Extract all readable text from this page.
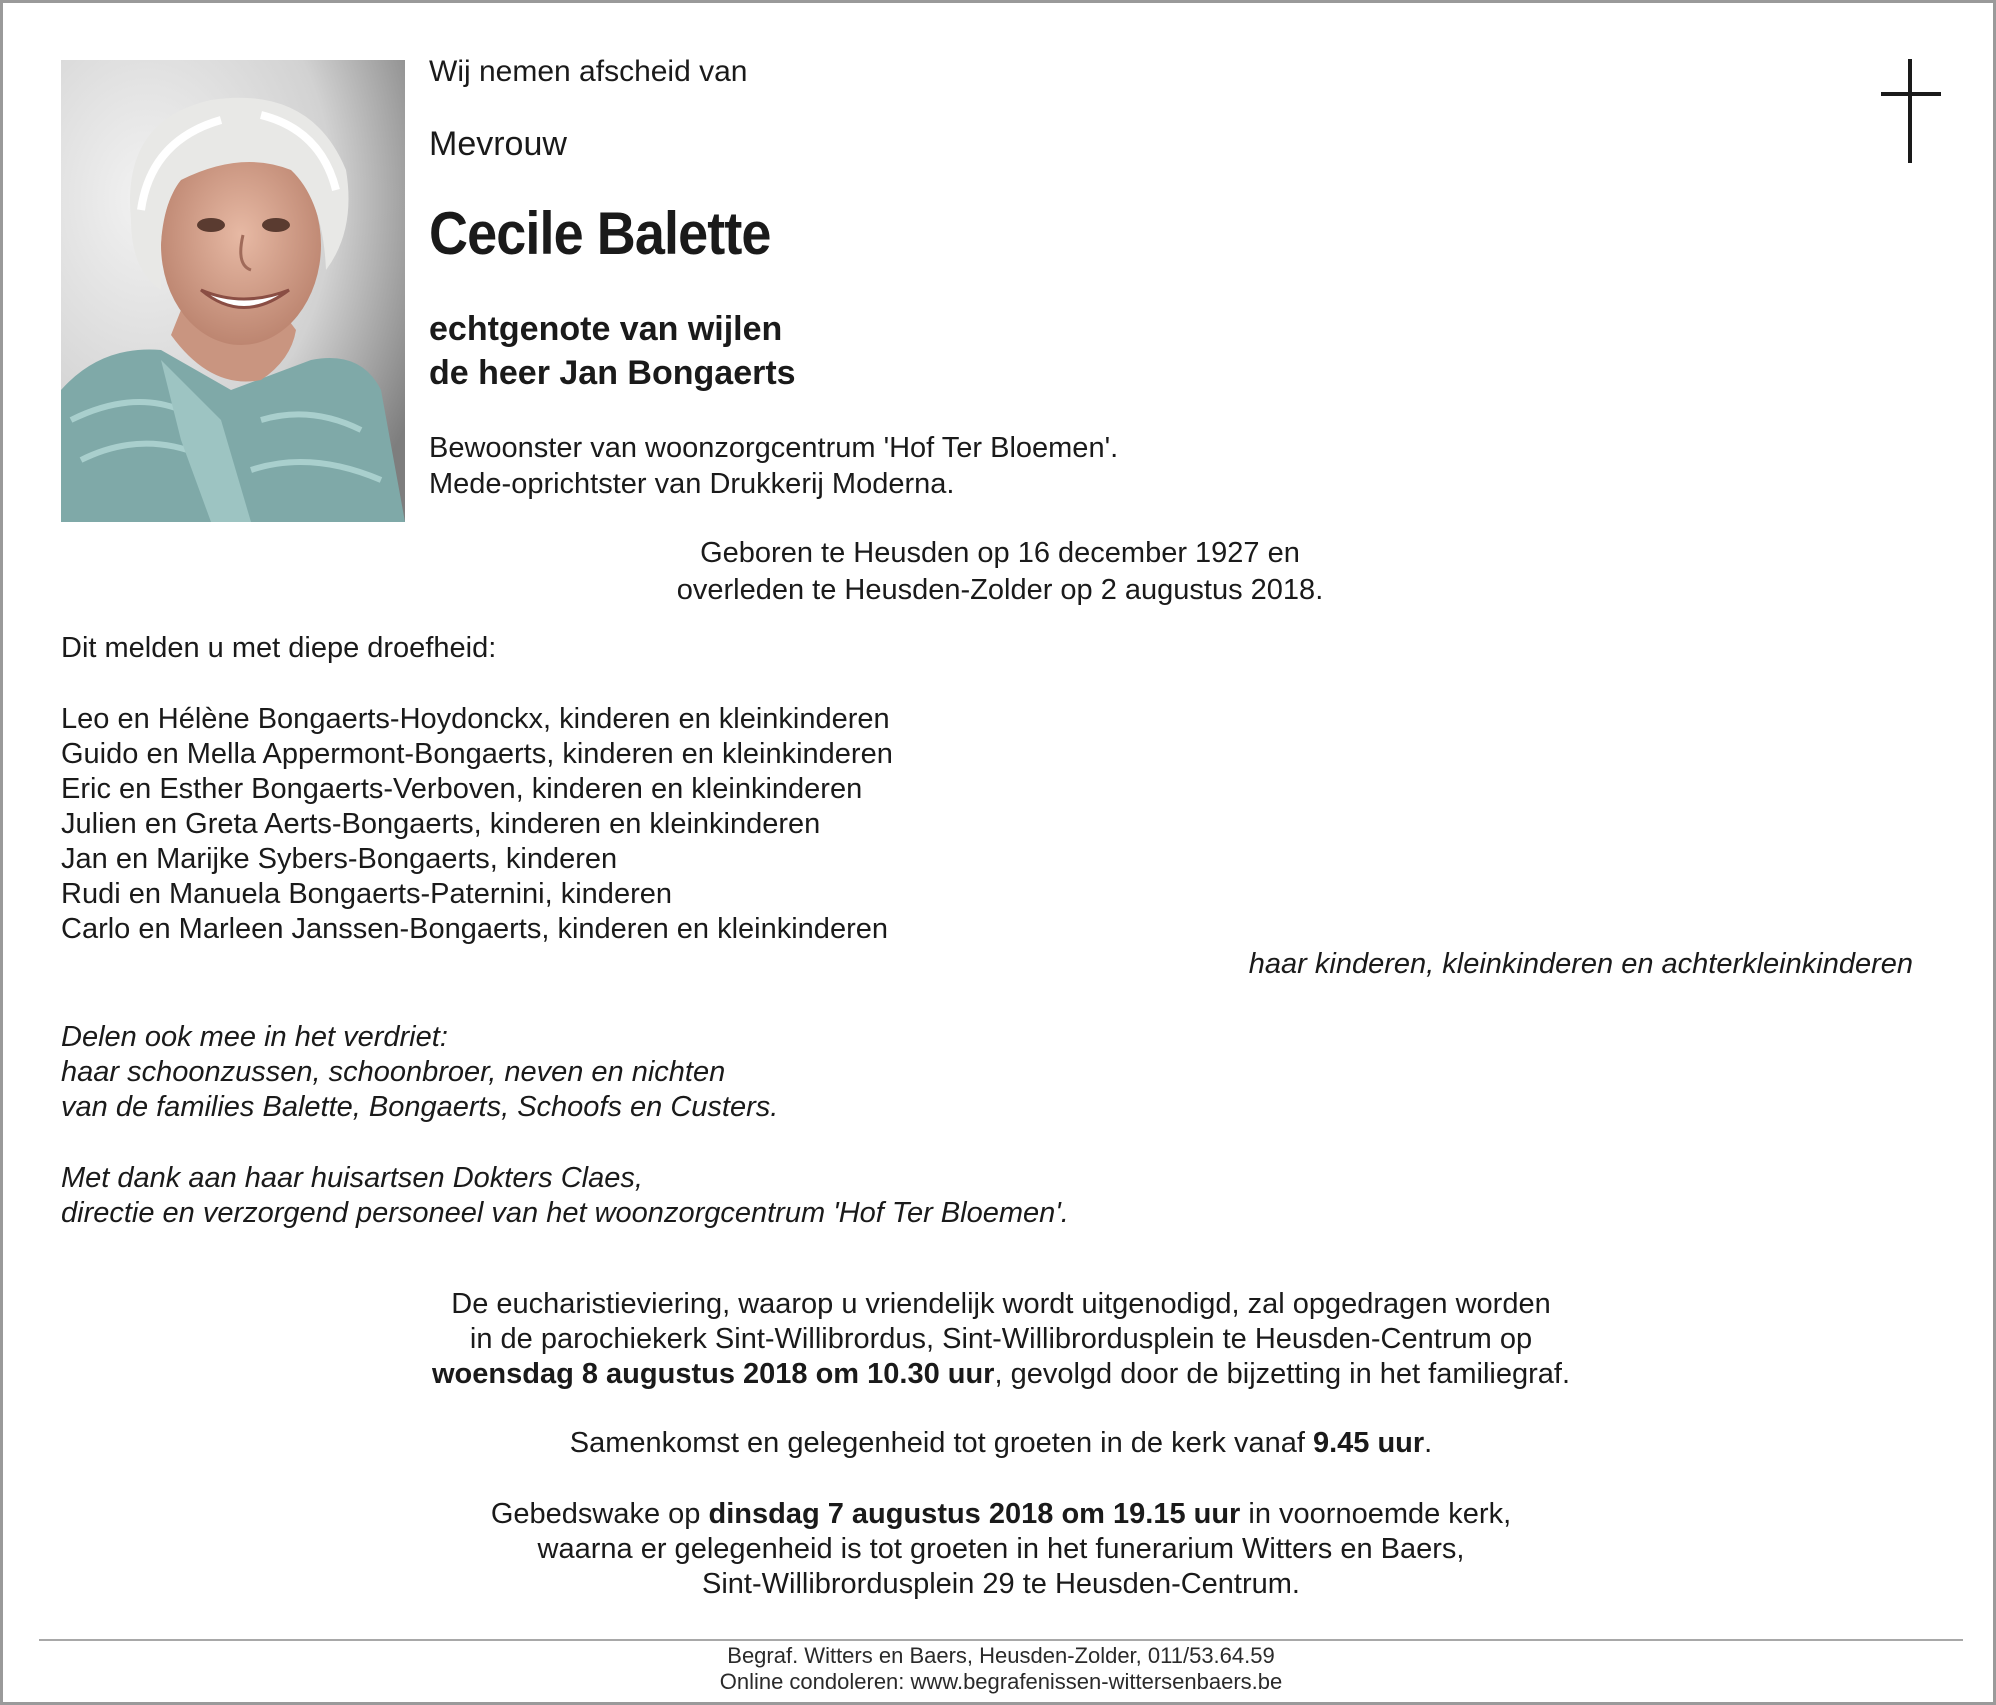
Wij nemen afscheid van
Mevrouw
Cecile Balette
echtgenote van wijlen
de heer Jan Bongaerts
Bewoonster van woonzorgcentrum 'Hof Ter Bloemen'.
Mede-oprichtster van Drukkerij Moderna.
Geboren te Heusden op 16 december 1927 en
overleden te Heusden-Zolder op 2 augustus 2018.
Dit melden u met diepe droefheid:
Leo en Hélène Bongaerts-Hoydonckx, kinderen en kleinkinderen
Guido en Mella Appermont-Bongaerts, kinderen en kleinkinderen
Eric en Esther Bongaerts-Verboven, kinderen en kleinkinderen
Julien en Greta Aerts-Bongaerts, kinderen en kleinkinderen
Jan en Marijke Sybers-Bongaerts, kinderen
Rudi en Manuela Bongaerts-Paternini, kinderen
Carlo en Marleen Janssen-Bongaerts, kinderen en kleinkinderen
haar kinderen, kleinkinderen en achterkleinkinderen
Delen ook mee in het verdriet:
haar schoonzussen, schoonbroer, neven en nichten
van de families Balette, Bongaerts, Schoofs en Custers.
Met dank aan haar huisartsen Dokters Claes,
directie en verzorgend personeel van het woonzorgcentrum 'Hof Ter Bloemen'.
De eucharistieviering, waarop u vriendelijk wordt uitgenodigd, zal opgedragen worden
in de parochiekerk Sint-Willibrordus, Sint-Willibrordusplein te Heusden-Centrum op
woensdag 8 augustus 2018 om 10.30 uur, gevolgd door de bijzetting in het familiegraf.
Samenkomst en gelegenheid tot groeten in de kerk vanaf 9.45 uur.
Gebedswake op dinsdag 7 augustus 2018 om 19.15 uur in voornoemde kerk,
waarna er gelegenheid is tot groeten in het funerarium Witters en Baers,
Sint-Willibrordusplein 29 te Heusden-Centrum.
Begraf. Witters en Baers, Heusden-Zolder, 011/53.64.59
Online condoleren: www.begrafenissen-wittersenbaers.be
